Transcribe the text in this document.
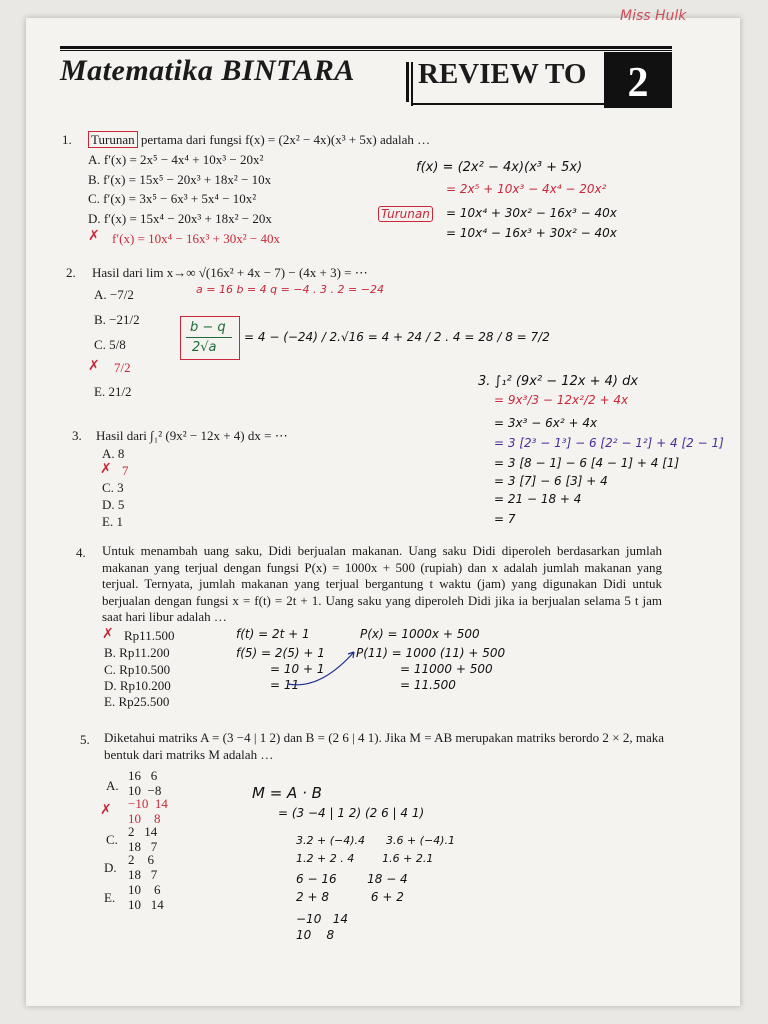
Miss Hulk
Matematika BINTARA REVIEW TO 2
1. Turunan pertama dari fungsi f(x) = (2x² − 4x)(x³ + 5x) adalah …
A. f′(x) = 2x⁵ − 4x⁴ + 10x³ − 20x²
B. f′(x) = 15x⁵ − 20x³ + 18x² − 10x
C. f′(x) = 3x⁵ − 6x³ + 5x⁴ − 10x²
D. f′(x) = 15x⁴ − 20x³ + 18x² − 20x
✗ f′(x) = 10x⁴ − 16x³ + 30x² − 40x
f(x) = (2x² − 4x)(x³ + 5x)
= 2x⁵ + 10x³ − 4x⁴ − 20x²
Turunan = 10x⁴ + 30x² − 16x³ − 40x
= 10x⁴ − 16x³ + 30x² − 40x
2. Hasil dari lim x→∞ √(16x² + 4x − 7) − (4x + 3) = ⋯
a = 16 b = 4 q = −4 . 3 . 2 = −24
A. −7/2
B. −21/2
C. 5/8
✗ 7/2
E. 21/2
b − q
2√a
= 4 − (−24) / 2.√16 = 4 + 24 / 2 . 4 = 28 / 8 = 7/2
3. Hasil dari ∫₁² (9x² − 12x + 4) dx = ⋯
A. 8
✗ 7
C. 3
D. 5
E. 1
3. ∫₁² (9x² − 12x + 4) dx
= 9x³/3 − 12x²/2 + 4x
= 3x³ − 6x² + 4x
= 3 [2³ − 1³] − 6 [2² − 1²] + 4 [2 − 1]
= 3 [8 − 1] − 6 [4 − 1] + 4 [1]
= 3 [7] − 6 [3] + 4
= 21 − 18 + 4
= 7
4. Untuk menambah uang saku, Didi berjualan makanan. Uang saku Didi diperoleh berdasarkan jumlah makanan yang terjual dengan fungsi P(x) = 1000x + 500 (rupiah) dan x adalah jumlah makanan yang terjual. Ternyata, jumlah makanan yang terjual bergantung t waktu (jam) yang digunakan Didi untuk berjualan dengan fungsi x = f(t) = 2t + 1. Uang saku yang diperoleh Didi jika ia berjualan selama 5 t jam saat hari libur adalah …
✗ Rp11.500
B. Rp11.200
C. Rp10.500
D. Rp10.200
E. Rp25.500
f(t) = 2t + 1
f(5) = 2(5) + 1
= 10 + 1
= 11
P(x) = 1000x + 500
P(11) = 1000 (11) + 500
= 11000 + 500
= 11.500
5. Diketahui matriks A = (3 −4 | 1 2) dan B = (2 6 | 4 1). Jika M = AB merupakan matriks berordo 2 × 2, maka bentuk dari matriks M adalah …
A.
16   6
10  −8
✗ −10  14
10    8
C.
2   14
18   7
D.
2    6
18   7
E.
10    6
10   14
M = A · B
= (3 −4 | 1 2) (2 6 | 4 1)
3.2 + (−4).4      3.6 + (−4).1
1.2 + 2 . 4        1.6 + 2.1
6 − 16        18 − 4
2 + 8           6 + 2
−10   14
10    8
